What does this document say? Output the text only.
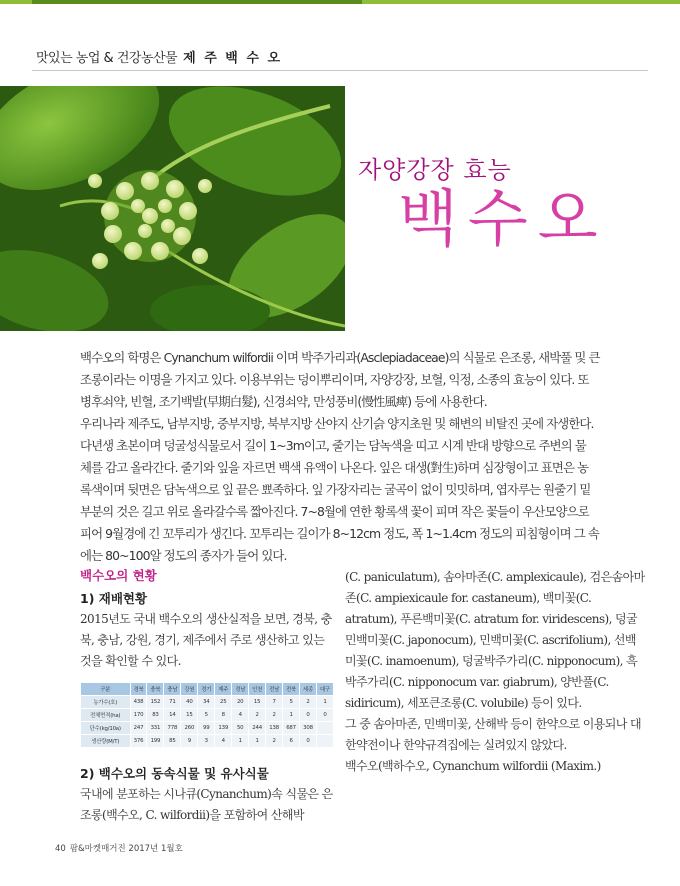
맛있는 농업 & 건강농산물 제 주 백 수 오
자양강장 효능
백수오

백수오의 학명은 Cynanchum wilfordii 이며 박주가리과(Asclepiadaceae)의 식물로 은조롱, 새박풀 및 큰

조롱이라는 이명을 가지고 있다. 이용부위는 덩이뿌리이며, 자양강장, 보혈, 익정, 소종의 효능이 있다. 또

병후쇠약, 빈혈, 조기백발(早期白髮), 신경쇠약, 만성풍비(慢性風痺) 등에 사용한다.

우리나라 제주도, 남부지방, 중부지방, 북부지방 산야지 산기슭 양지초원 및 해변의 비탈진 곳에 자생한다.

다년생 초본이며 덩굴성식물로서 길이 1~3m이고, 줄기는 담녹색을 띠고 시계 반대 방향으로 주변의 물

체를 감고 올라간다. 줄기와 잎을 자르면 백색 유액이 나온다. 잎은 대생(對生)하며 심장형이고 표면은 농

록색이며 뒷면은 담녹색으로 잎 끝은 뾰족하다. 잎 가장자리는 굴곡이 없이 밋밋하며, 엽자루는 원줄기 밑

부분의 것은 길고 위로 올라갈수록 짧아진다. 7~8월에 연한 황록색 꽃이 피며 작은 꽃들이 우산모양으로

피어 9월경에 긴 꼬투리가 생긴다. 꼬투리는 길이가 8~12cm 정도, 폭 1~1.4cm 정도의 피침형이며 그 속

에는 80~100알 정도의 종자가 들어 있다.

백수오의 현황
1) 재배현황

2015년도 국내 백수오의 생산실적을 보면, 경북, 충북, 충남, 강원, 경기, 제주에서 주로 생산하고 있는 것을 확인할 수 있다.

구분	경북	충북	충남	강원	경기	제주	경남	인천	전남	전북	세종	대구
농가수(호)	438	152	71	40	34	25	20	15	7	5	2	1
전체면적(ha)	170	83	14	15	5	8	4	2	2	1	0	0
단수(kg/10a)	247	331	778	260	99	139	50	244	138	687	308	
생산량(M/T)	376	199	85	9	3	4	1	1	2	6	0	
2) 백수오의 동속식물 및 유사식물

국내에 분포하는 시나큐(Cynanchum)속 식물은 은조롱(백수오, C. wilfordii)을 포함하여 산해박

(C. paniculatum), 솜아마존(C. amplexicaule), 검은솜아마존(C. ampiexicaule for. castaneum), 백미꽃(C. atratum), 푸른백미꽃(C. atratum for. viridescens), 덩굴민백미꽃(C. japonocum), 민백미꽃(C. ascrifolium), 선백미꽃(C. inamoenum), 덩굴박주가리(C. nipponocum), 흑박주가리(C. nipponocum var. giabrum), 양반풀(C. sidiricum), 세포큰조롱(C. volubile) 등이 있다.

그 중 솜아마존, 민백미꽃, 산해박 등이 한약으로 이용되나 대한약전이나 한약규격집에는 실려있지 않았다.

백수오(백하수오, Cynanchum wilfordii (Maxim.)

40 팜&마켓매거진 2017년 1월호
